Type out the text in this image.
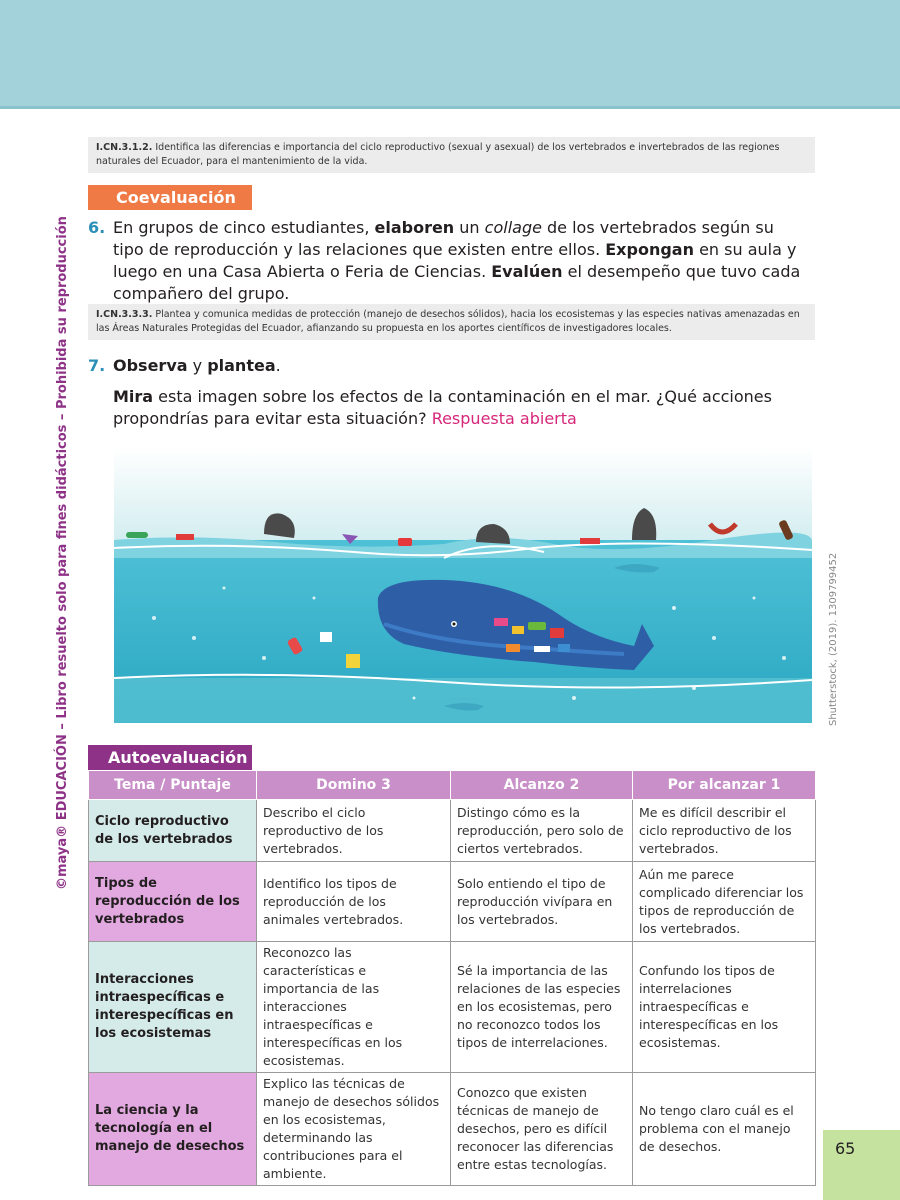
©maya® EDUCACIÓN – Libro resuelto solo para fines didácticos – Prohibida su reproducción
I.CN.3.1.2. Identifica las diferencias e importancia del ciclo reproductivo (sexual y asexual) de los vertebrados e invertebrados de las regiones naturales del Ecuador, para el mantenimiento de la vida.
Coevaluación
6. En grupos de cinco estudiantes, elaboren un collage de los vertebrados según su tipo de reproducción y las relaciones que existen entre ellos. Expongan en su aula y luego en una Casa Abierta o Feria de Ciencias. Evalúen el desempeño que tuvo cada compañero del grupo.
I.CN.3.3.3. Plantea y comunica medidas de protección (manejo de desechos sólidos), hacia los ecosistemas y las especies nativas amenazadas en las Áreas Naturales Protegidas del Ecuador, afianzando su propuesta en los aportes científicos de investigadores locales.
7. Observa y plantea.
Mira esta imagen sobre los efectos de la contaminación en el mar. ¿Qué acciones propondrías para evitar esta situación? Respuesta abierta
Shutterstock, (2019). 1309799452
Autoevaluación
Tema / Puntaje	Domino 3	Alcanzo 2	Por alcanzar 1
Ciclo reproductivo de los vertebrados	Describo el ciclo reproductivo de los vertebrados.	Distingo cómo es la reproducción, pero solo de ciertos vertebrados.	Me es difícil describir el ciclo reproductivo de los vertebrados.
Tipos de reproducción de los vertebrados	Identifico los tipos de reproducción de los animales vertebrados.	Solo entiendo el tipo de reproducción vivípara en los vertebrados.	Aún me parece complicado diferenciar los tipos de reproducción de los vertebrados.
Interacciones intraespecíficas e interespecíficas en los ecosistemas	Reconozco las características e importancia de las interacciones intraespecíficas e interespecíficas en los ecosistemas.	Sé la importancia de las relaciones de las especies en los ecosistemas, pero no reconozco todos los tipos de interrelaciones.	Confundo los tipos de interrelaciones intraespecíficas e interespecíficas en los ecosistemas.
La ciencia y la tecnología en el manejo de desechos	Explico las técnicas de manejo de desechos sólidos en los ecosistemas, determinando las contribuciones para el ambiente.	Conozco que existen técnicas de manejo de desechos, pero es difícil reconocer las diferencias entre estas tecnologías.	No tengo claro cuál es el problema con el manejo de desechos.	65
